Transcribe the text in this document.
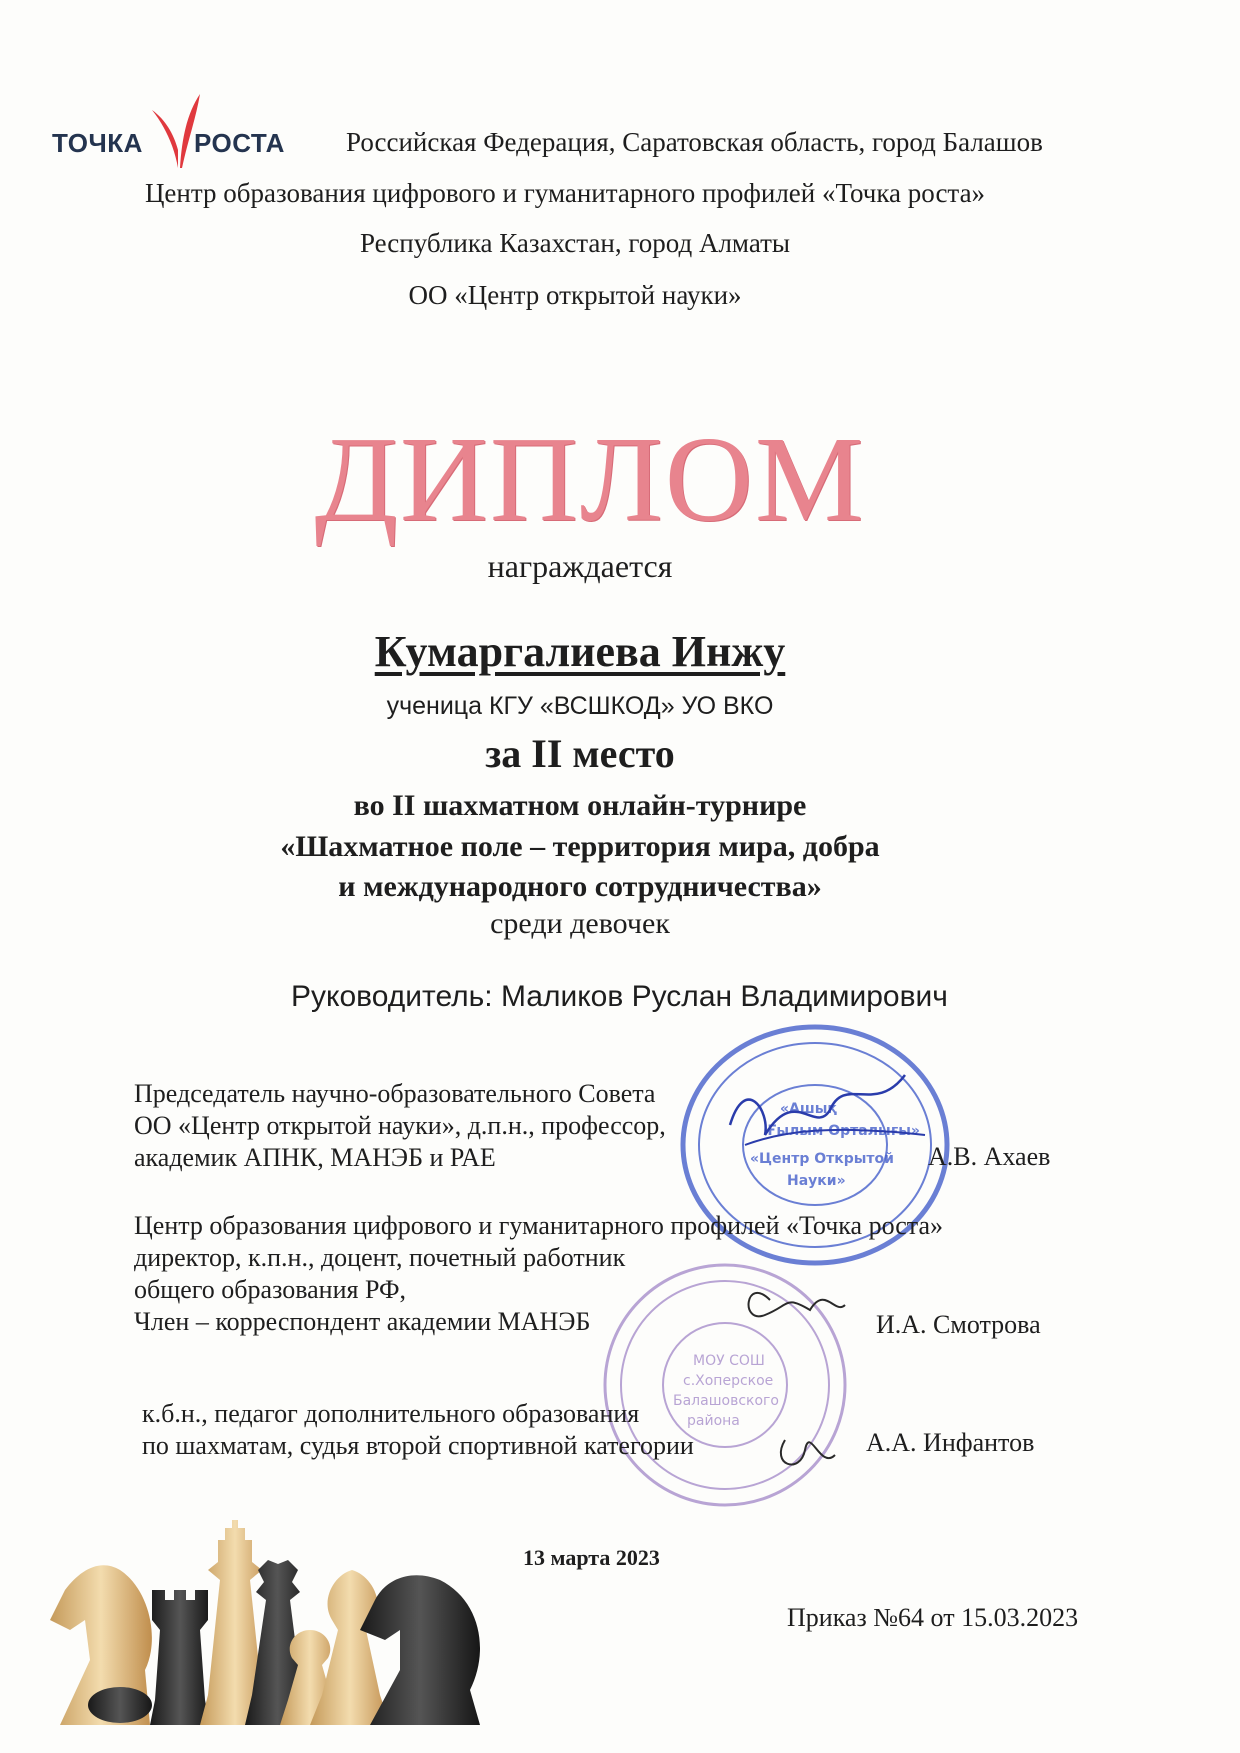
ТОЧКА РОСТА Российская Федерация, Саратовская область, город Балашов
Центр образования цифрового и гуманитарного профилей «Точка роста»
Республика Казахстан, город Алматы
ОО «Центр открытой науки»
ДИПЛОМ
награждается
Кумаргалиева Инжу
ученица КГУ «ВСШКОД» УО ВКО
за II место
во II шахматном онлайн-турнире
«Шахматное поле – территория мира, добра
и международного сотрудничества»
среди девочек
Руководитель: Маликов Руслан Владимирович
«Ашық
Ғылым Орталығы»
«Центр Открытой
Науки»
МОУ СОШ
с.Хоперское
Балашовского
района
Председатель научно-образовательного Совета
ОО «Центр открытой науки», д.п.н., профессор,
академик АПНК, МАНЭБ и РАЕ	А.В. Ахаев
Центр образования цифрового и гуманитарного профилей «Точка роста»
директор, к.п.н., доцент, почетный работник
общего образования РФ,
Член – корреспондент академии МАНЭБ	И.А. Смотрова
к.б.н., педагог дополнительного образования
по шахматам, судья второй спортивной категории	А.А. Инфантов
13 марта 2023
Приказ №64 от 15.03.2023
